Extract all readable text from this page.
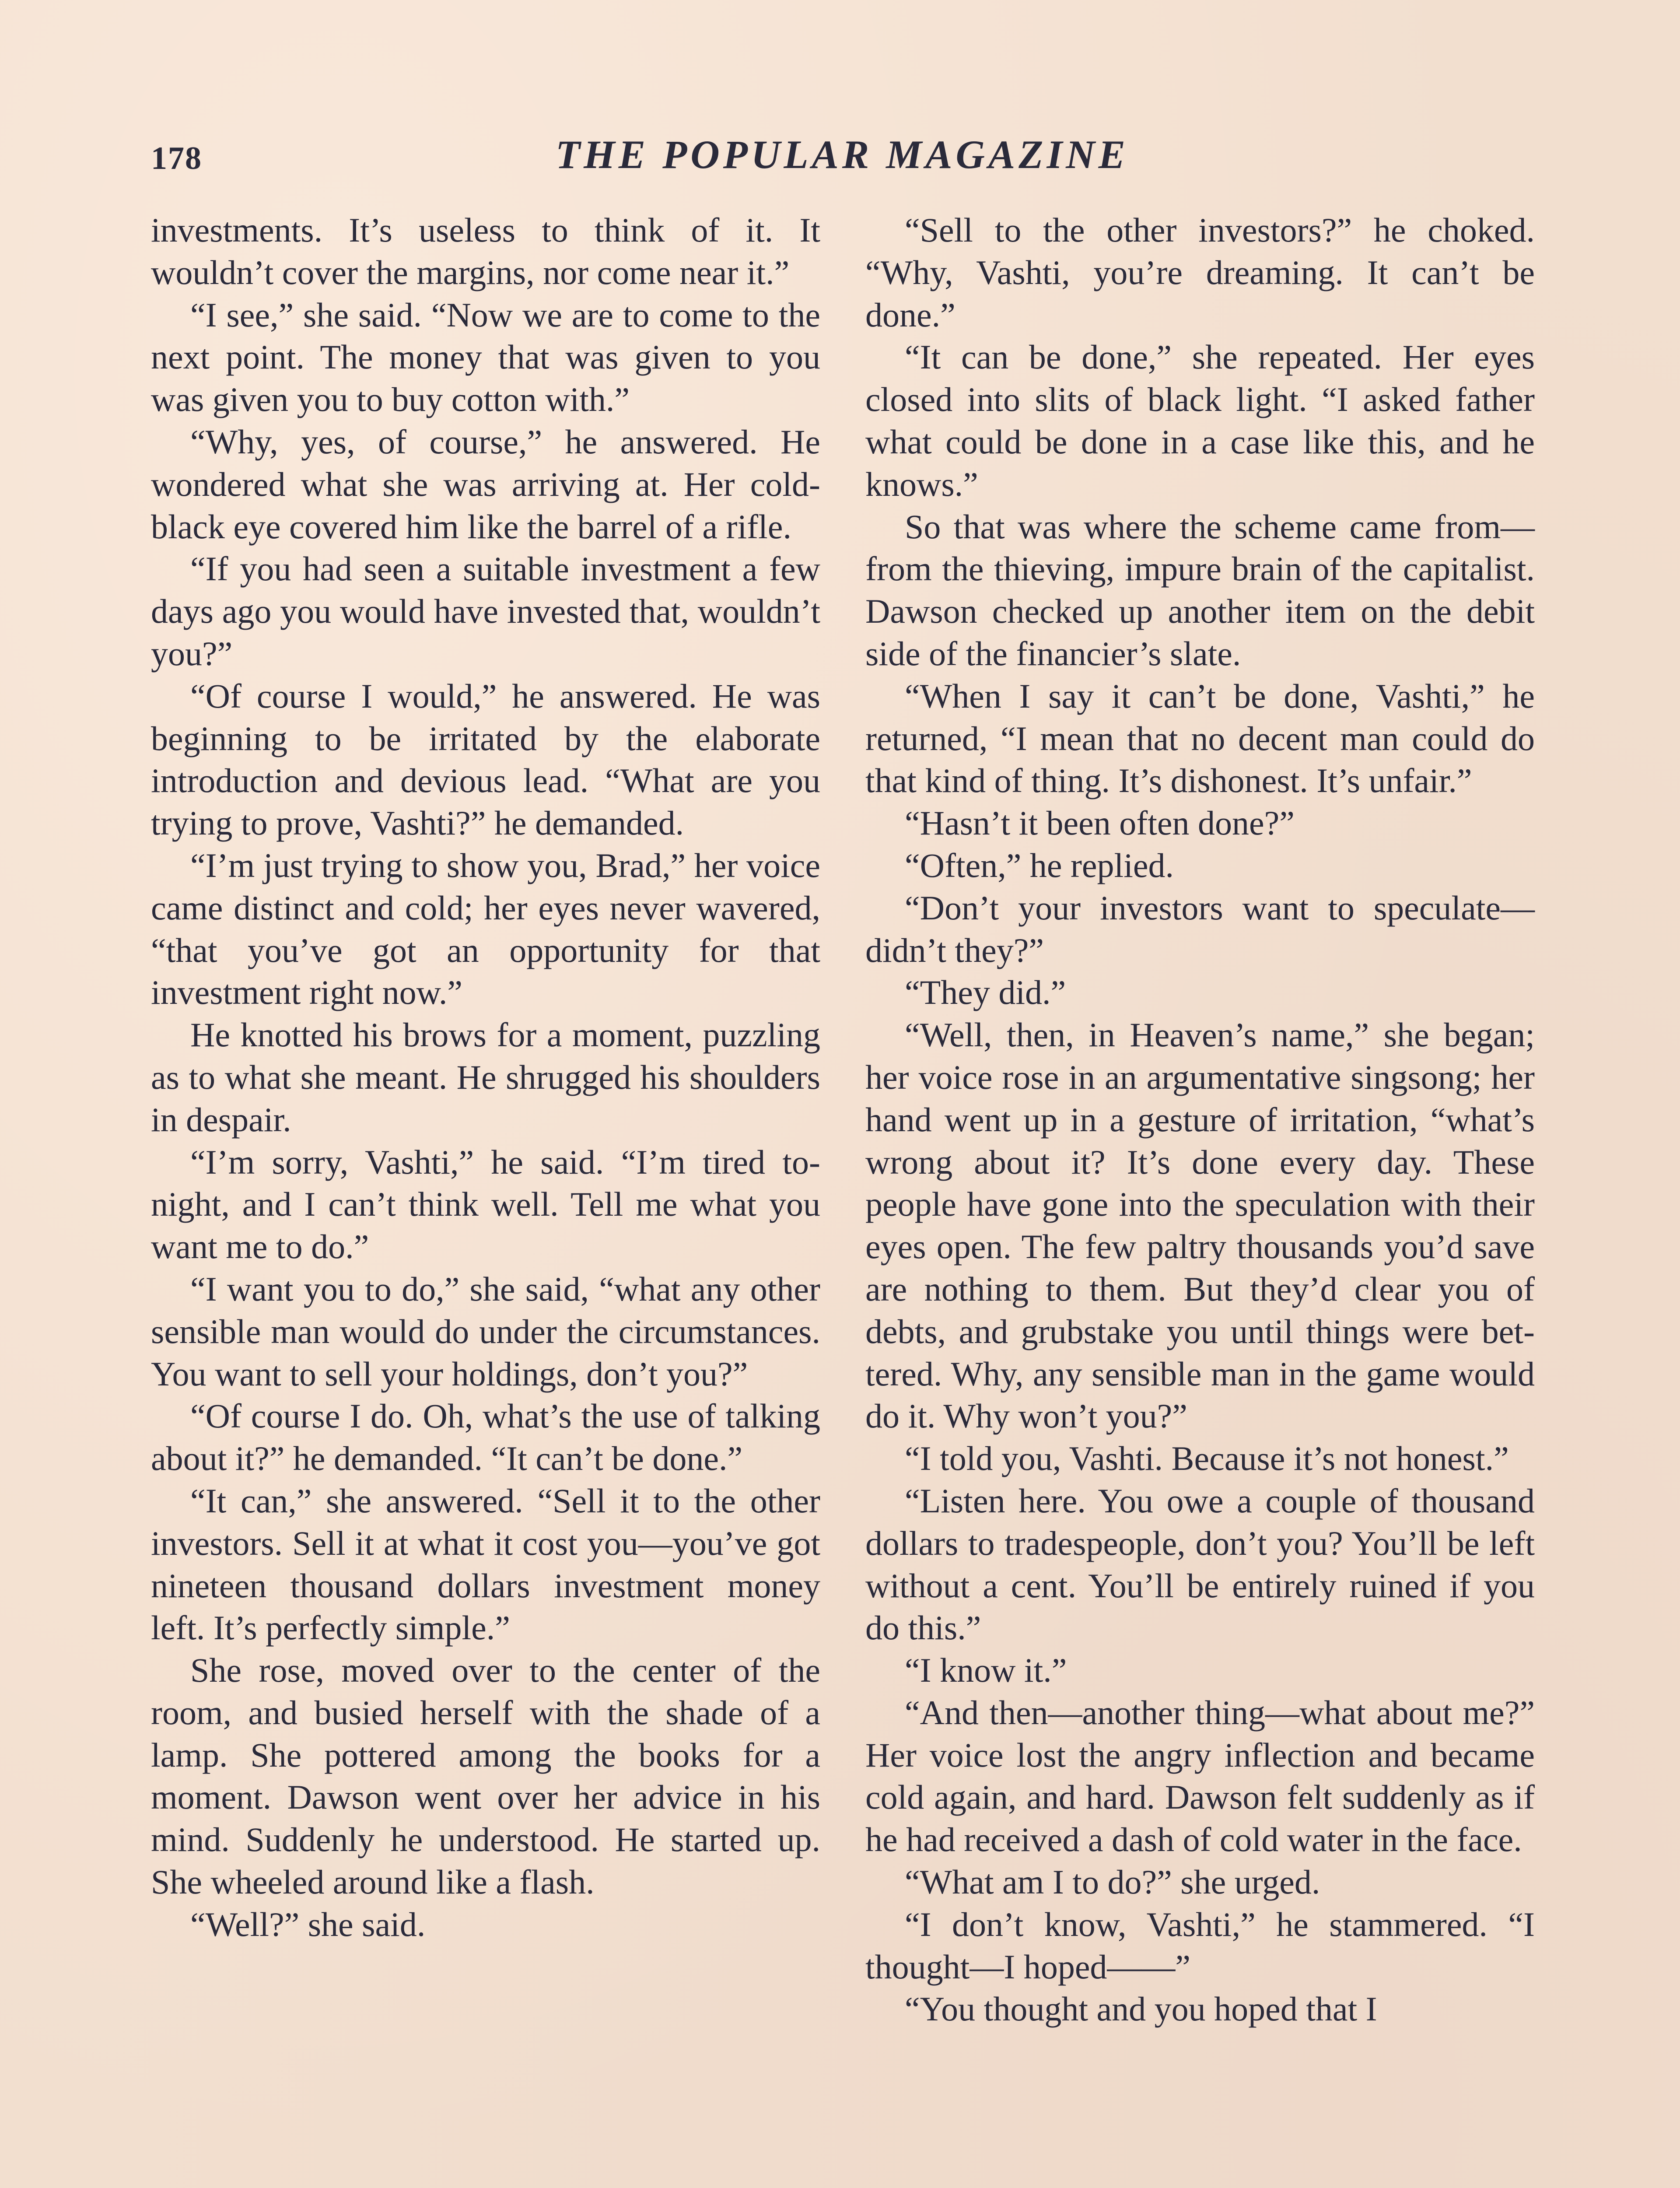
178	THE POPULAR MAGAZINE

investments. It’s useless to think of it. It wouldn’t cover the margins, nor come near it.”

“I see,” she said. “Now we are to come to the next point. The money that was given to you was given you to buy cotton with.”

“Why, yes, of course,” he answered. He wondered what she was arriving at. Her cold-black eye covered him like the barrel of a rifle.

“If you had seen a suitable investment a few days ago you would have invested that, wouldn’t you?”

“Of course I would,” he answered. He was beginning to be irritated by the elaborate introduction and devious lead. “What are you trying to prove, Vashti?” he demanded.

“I’m just trying to show you, Brad,” her voice came distinct and cold; her eyes never wavered, “that you’ve got an opportunity for that investment right now.”

He knotted his brows for a moment, puzzling as to what she meant. He shrugged his shoulders in despair.

“I’m sorry, Vashti,” he said. “I’m tired to-night, and I can’t think well. Tell me what you want me to do.”

“I want you to do,” she said, “what any other sensible man would do under the circumstances. You want to sell your holdings, don’t you?”

“Of course I do. Oh, what’s the use of talking about it?” he demanded. “It can’t be done.”

“It can,” she answered. “Sell it to the other investors. Sell it at what it cost you—you’ve got nineteen thousand dollars investment money left. It’s perfectly simple.”

She rose, moved over to the center of the room, and busied herself with the shade of a lamp. She pottered among the books for a moment. Dawson went over her advice in his mind. Suddenly he understood. He started up. She wheeled around like a flash.

“Well?” she said.

“Sell to the other investors?” he choked. “Why, Vashti, you’re dreaming. It can’t be done.”

“It can be done,” she repeated. Her eyes closed into slits of black light. “I asked father what could be done in a case like this, and he knows.”

So that was where the scheme came from—from the thieving, impure brain of the capitalist. Dawson checked up another item on the debit side of the financier’s slate.

“When I say it can’t be done, Vashti,” he returned, “I mean that no decent man could do that kind of thing. It’s dishonest. It’s unfair.”

“Hasn’t it been often done?”

“Often,” he replied.

“Don’t your investors want to speculate—didn’t they?”

“They did.”

“Well, then, in Heaven’s name,” she began; her voice rose in an argumentative singsong; her hand went up in a gesture of irritation, “what’s wrong about it? It’s done every day. These people have gone into the speculation with their eyes open. The few paltry thousands you’d save are nothing to them. But they’d clear you of debts, and grubstake you until things were bettered. Why, any sensible man in the game would do it. Why won’t you?”

“I told you, Vashti. Because it’s not honest.”

“Listen here. You owe a couple of thousand dollars to tradespeople, don’t you? You’ll be left without a cent. You’ll be entirely ruined if you do this.”

“I know it.”

“And then—another thing—what about me?” Her voice lost the angry inflection and became cold again, and hard. Dawson felt suddenly as if he had received a dash of cold water in the face.

“What am I to do?” she urged.

“I don’t know, Vashti,” he stammered. “I thought—I hoped——”

“You thought and you hoped that I
